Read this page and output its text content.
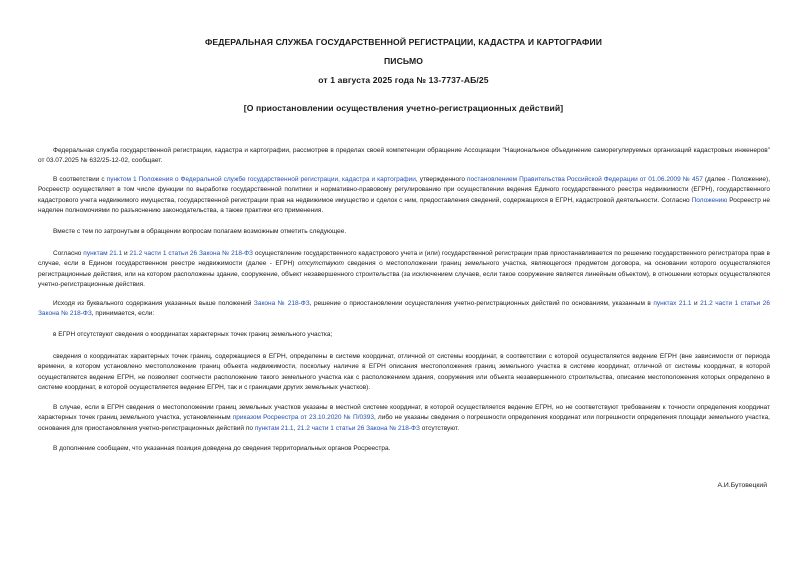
ФЕДЕРАЛЬНАЯ СЛУЖБА ГОСУДАРСТВЕННОЙ РЕГИСТРАЦИИ, КАДАСТРА И КАРТОГРАФИИ
ПИСЬМО
от 1 августа 2025 года № 13-7737-АБ/25
[О приостановлении осуществления учетно-регистрационных действий]
Федеральная служба государственной регистрации, кадастра и картографии, рассмотрев в пределах своей компетенции обращение Ассоциации "Национальное объединение саморегулируемых организаций кадастровых инженеров" от 03.07.2025 № 632/25-12-02, сообщает.
В соответствии с пунктом 1 Положения о Федеральной службе государственной регистрации, кадастра и картографии, утвержденного постановлением Правительства Российской Федерации от 01.06.2009 № 457 (далее - Положение), Росреестр осуществляет в том числе функции по выработке государственной политики и нормативно-правовому регулированию при осуществлении ведения Единого государственного реестра недвижимости (ЕГРН), государственного кадастрового учета недвижимого имущества, государственной регистрации прав на недвижимое имущество и сделок с ним, предоставления сведений, содержащихся в ЕГРН, кадастровой деятельности. Согласно Положению Росреестр не наделен полномочиями по разъяснению законодательства, а также практики его применения.
Вместе с тем по затронутым в обращении вопросам полагаем возможным отметить следующее.
Согласно пунктам 21.1 и 21.2 части 1 статьи 26 Закона № 218-ФЗ осуществление государственного кадастрового учета и (или) государственной регистрации прав приостанавливается по решению государственного регистратора прав в случае, если в Едином государственном реестре недвижимости (далее - ЕГРН) отсутствуют сведения о местоположении границ земельного участка, являющегося предметом договора, на основании которого осуществляются регистрационные действия, или на котором расположены здание, сооружение, объект незавершенного строительства (за исключением случаев, если такое сооружение является линейным объектом), в отношении которых осуществляются учетно-регистрационные действия.
Исходя из буквального содержания указанных выше положений Закона № 218-ФЗ, решение о приостановлении осуществления учетно-регистрационных действий по основаниям, указанным в пунктах 21.1 и 21.2 части 1 статьи 26 Закона № 218-ФЗ, принимается, если:
в ЕГРН отсутствуют сведения о координатах характерных точек границ земельного участка;
сведения о координатах характерных точек границ, содержащиеся в ЕГРН, определены в системе координат, отличной от системы координат, в соответствии с которой осуществляется ведение ЕГРН (вне зависимости от периода времени, в котором установлено местоположение границ объекта недвижимости, поскольку наличие в ЕГРН описания местоположения границ земельного участка в системе координат, отличной от системы координат, в которой осуществляется ведение ЕГРН, не позволяет соотнести расположение такого земельного участка как с расположением здания, сооружения или объекта незавершенного строительства, описание местоположения которых определено в системе координат, в которой осуществляется ведение ЕГРН, так и с границами других земельных участков).
В случае, если в ЕГРН сведения о местоположении границ земельных участков указаны в местной системе координат, в которой осуществляется ведение ЕГРН, но не соответствуют требованиям к точности определения координат характерных точек границ земельного участка, установленным приказом Росреестра от 23.10.2020 № П/0393, либо не указаны сведения о погрешности определения координат или погрешности определения площади земельного участка, основания для приостановления учетно-регистрационных действий по пунктам 21.1, 21.2 части 1 статьи 26 Закона № 218-ФЗ отсутствуют.
В дополнение сообщаем, что указанная позиция доведена до сведения территориальных органов Росреестра.
А.И.Бутовецкий
